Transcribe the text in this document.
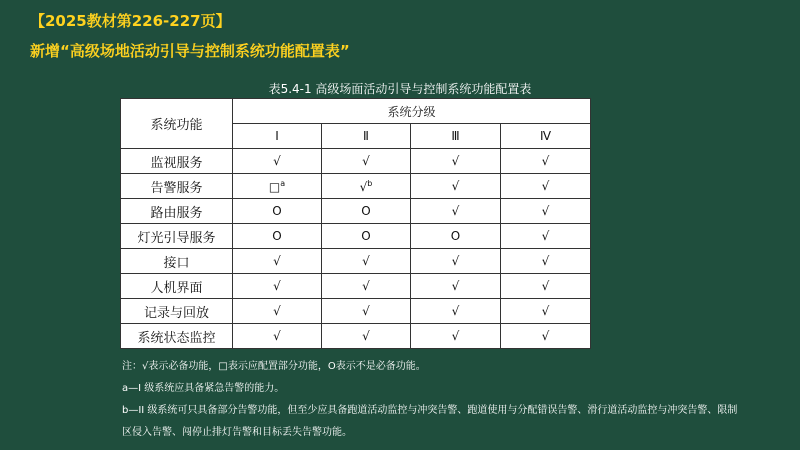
【2025教材第226-227页】
新增“高级场地活动引导与控制系统功能配置表”
表5.4-1 高级场面活动引导与控制系统功能配置表
系统功能	系统分级			
	Ⅰ	Ⅱ	Ⅲ	Ⅳ
监视服务	√	√	√	√
告警服务	□$^a$	√$^b$	√	√
路由服务	O	O	√	√
灯光引导服务	O	O	O	√
接口	√	√	√	√
人机界面	√	√	√	√
记录与回放	√	√	√	√
系统状态监控	√	√	√	√
注：√表示必备功能，□表示应配置部分功能，O表示不是必备功能。
a—I 级系统应具备紧急告警的能力。
b—II 级系统可只具备部分告警功能，但至少应具备跑道活动监控与冲突告警、跑道使用与分配错误告警、滑行道活动监控与冲突告警、限制区侵入告警、闯停止排灯告警和目标丢失告警功能。
